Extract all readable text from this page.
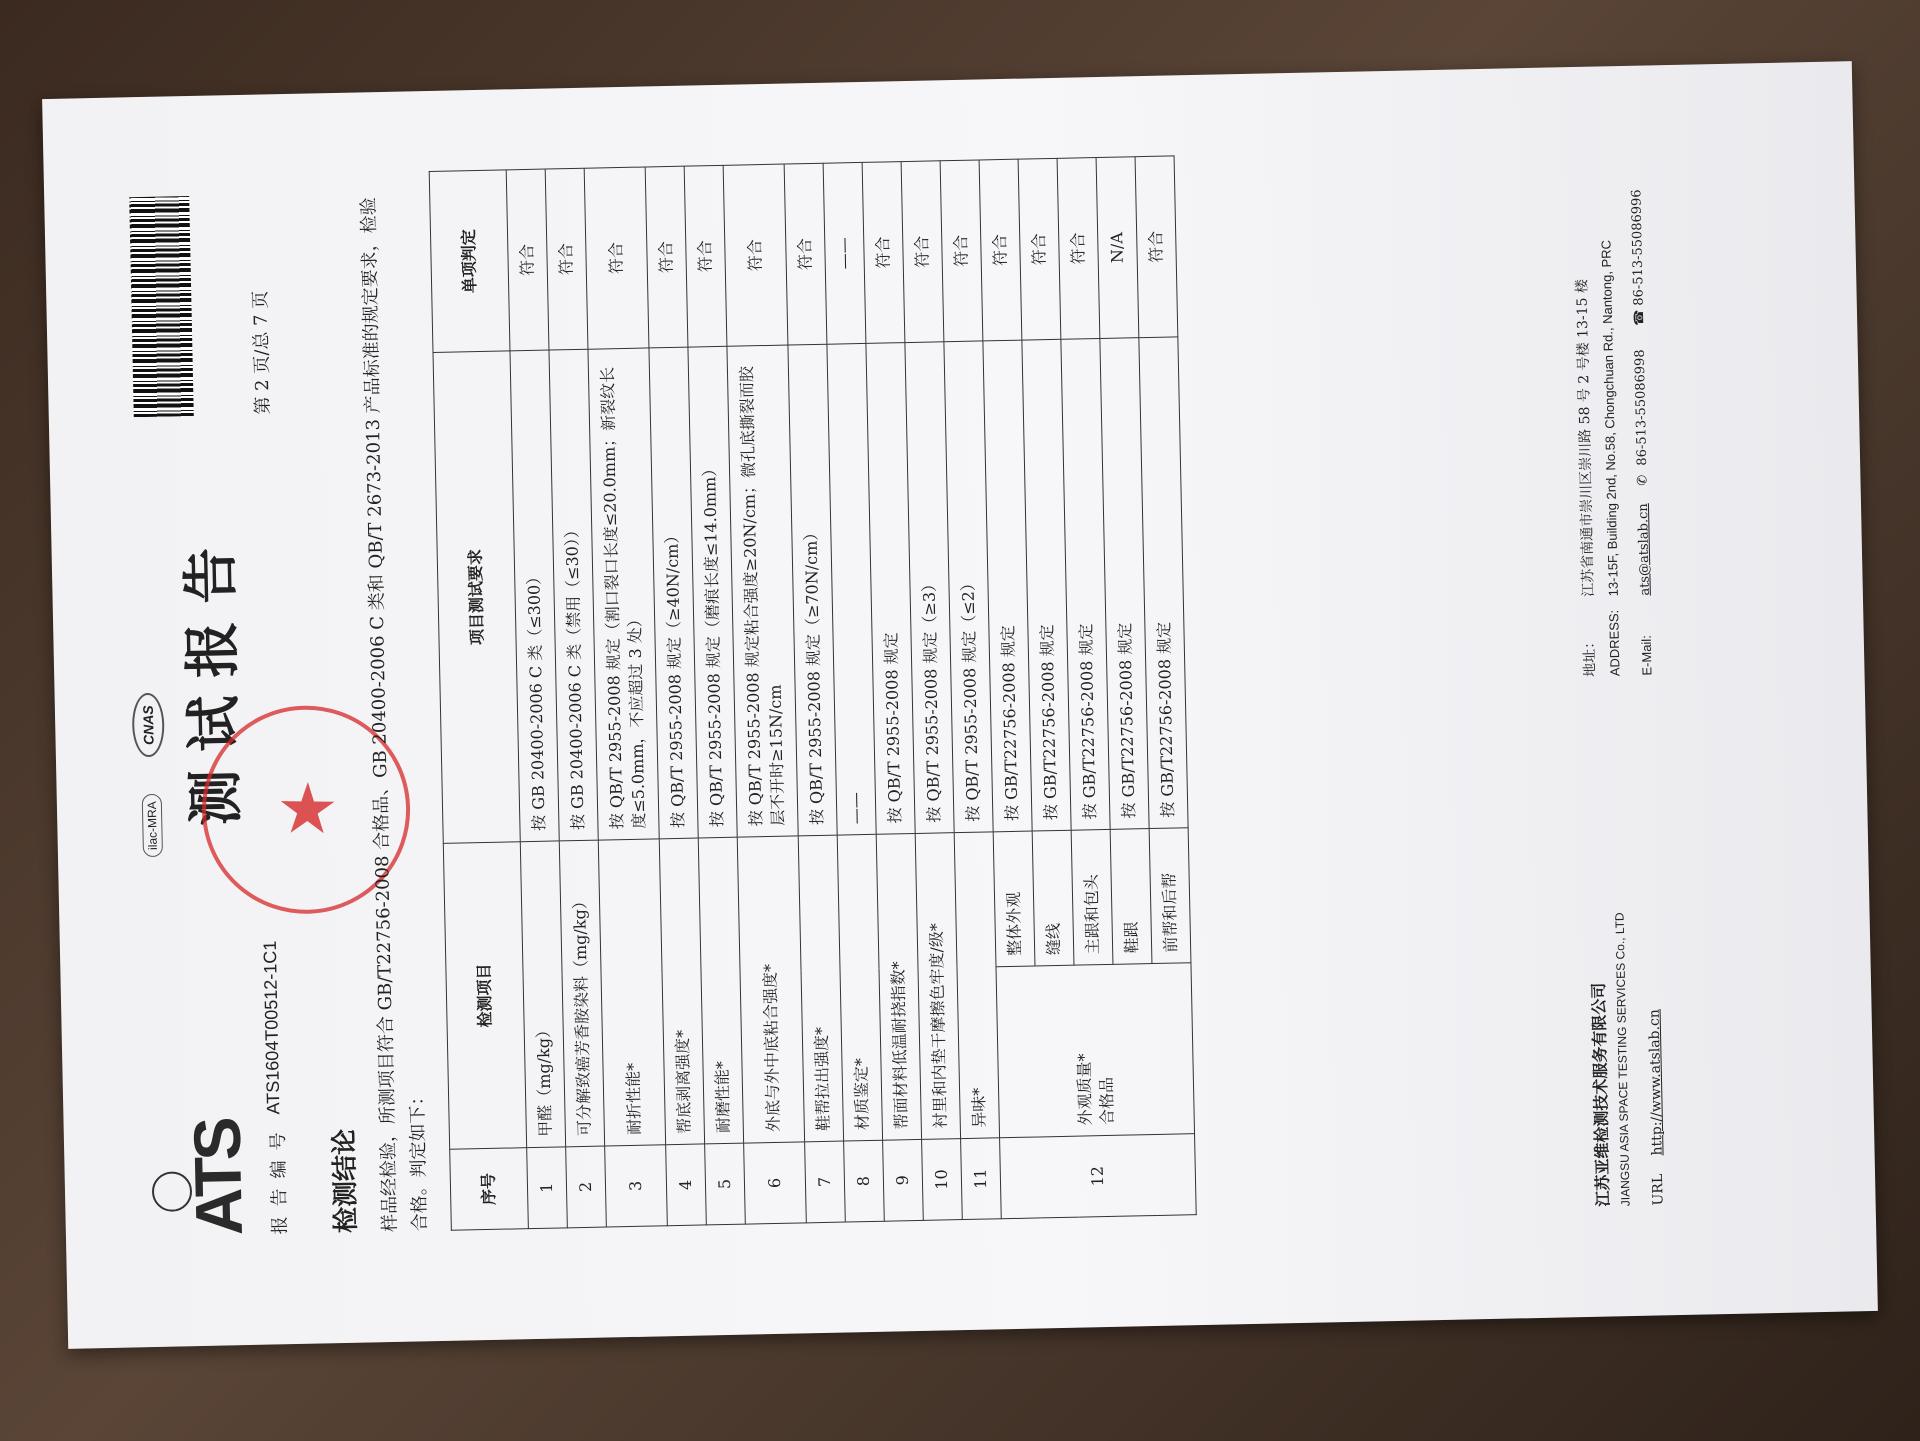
ATS
ilac-MRA
CNAS 测试报告 ★
报告编号
ATS1604T00512-1C1
第 2 页/总 7 页
检测结论
样品经检验，所测项目符合 GB/T22756-2008 合格品、GB 20400-2006 C 类和 QB/T 2673-2013 产品标准的规定要求，检验合格。判定如下：	序号	检测项目		项目测试要求	单项判定
1	甲醛（mg/kg）		按 GB 20400-2006 C 类（≤300）	符合
2	可分解致癌芳香胺染料（mg/kg）		按 GB 20400-2006 C 类（禁用（≤30））	符合
3	耐折性能*		按 QB/T 2955-2008 规定（割口裂口长度≤20.0mm；新裂纹长度≤5.0mm，不应超过 3 处）	符合
4	帮底剥离强度*		按 QB/T 2955-2008 规定（≥40N/cm）	符合
5	耐磨性能*		按 QB/T 2955-2008 规定（磨痕长度≤14.0mm）	符合
6	外底与外中底粘合强度*		按 QB/T 2955-2008 规定粘合强度≥20N/cm；微孔底撕裂而胶层不开时≥15N/cm	符合
7	鞋帮拉出强度*		按 QB/T 2955-2008 规定（≥70N/cm）	符合
8	材质鉴定*		——	——
9	帮面材料低温耐挠指数*		按 QB/T 2955-2008 规定	符合
10	衬里和内垫干摩擦色牢度/级*		按 QB/T 2955-2008 规定（≥3）	符合
11	异味*		按 QB/T 2955-2008 规定（≤2）	符合
12	外观质量* 合格品	整体外观	按 GB/T22756-2008 规定	符合
		缝线	按 GB/T22756-2008 规定	符合
		主跟和包头	按 GB/T22756-2008 规定	符合
		鞋跟	按 GB/T22756-2008 规定	N/A
		前帮和后帮	按 GB/T22756-2008 规定	符合
江苏亚维检测技术服务有限公司 JIANGSU ASIA SPACE TESTING SERVICES Co., LTD URL
http://www.atslab.cn
地址：
江苏省南通市崇川区崇川路 58 号 2 号楼 13-15 楼
ADDRESS:
13-15F, Building 2nd, No.58, Chongchuan Rd., Nantong, PRC
E-Mail:
ats@atslab.cn
✆
86-513-55086998
☎
86-513-55086996
